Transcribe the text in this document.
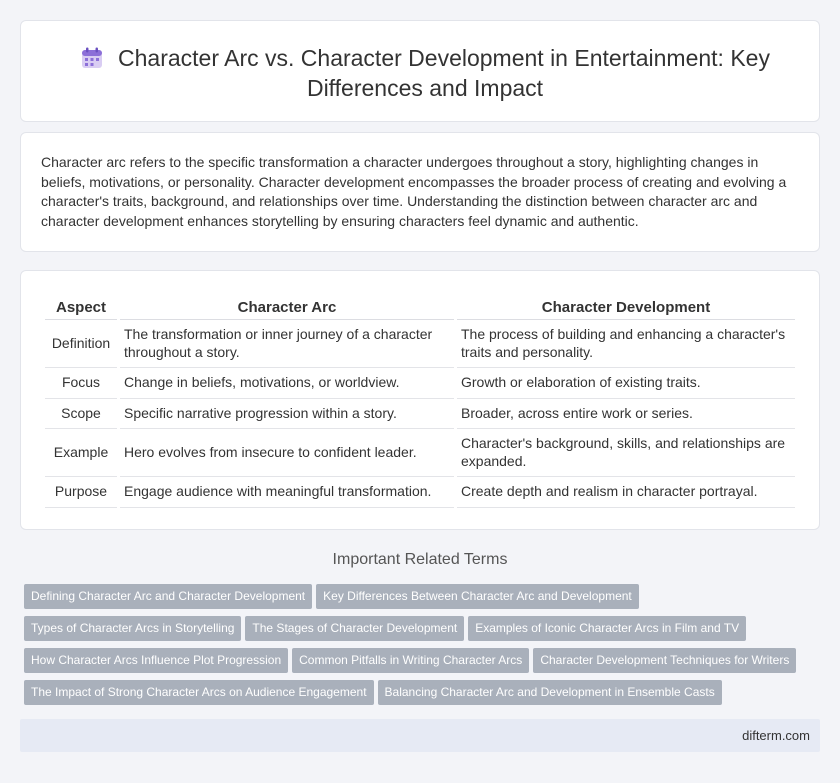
Character Arc vs. Character Development in Entertainment: Key
Differences and Impact

Character arc refers to the specific transformation a character undergoes throughout a story, highlighting changes in beliefs, motivations, or personality. Character development encompasses the broader process of creating and evolving a character's traits, background, and relationships over time. Understanding the distinction between character arc and character development enhances storytelling by ensuring characters feel dynamic and authentic.

Aspect	Character Arc	Character Development
Definition	The transformation or inner journey of a character throughout a story.	The process of building and enhancing a character's traits and personality.
Focus	Change in beliefs, motivations, or worldview.	Growth or elaboration of existing traits.
Scope	Specific narrative progression within a story.	Broader, across entire work or series.
Example	Hero evolves from insecure to confident leader.	Character's background, skills, and relationships are expanded.
Purpose	Engage audience with meaningful transformation.	Create depth and realism in character portrayal.
Important Related Terms
Defining Character Arc and Character Development Key Differences Between Character Arc and Development
Types of Character Arcs in Storytelling The Stages of Character Development Examples of Iconic Character Arcs in Film and TV
How Character Arcs Influence Plot Progression Common Pitfalls in Writing Character Arcs Character Development Techniques for Writers
The Impact of Strong Character Arcs on Audience Engagement Balancing Character Arc and Development in Ensemble Casts
difterm.com
